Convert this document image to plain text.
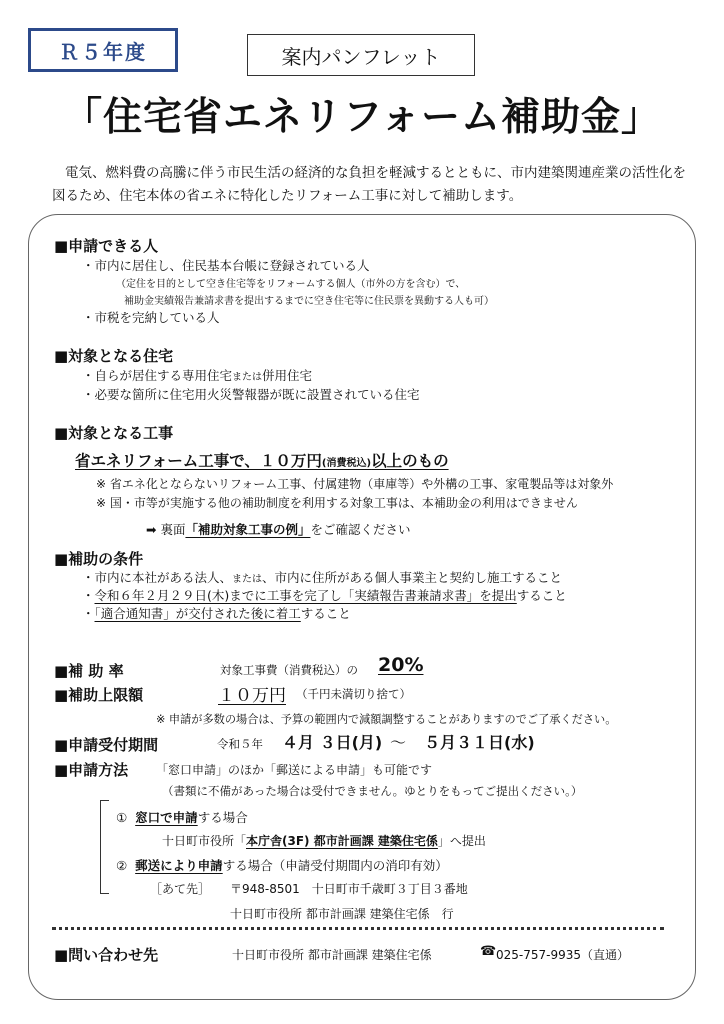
Ｒ５年度	案内パンフレット
「住宅省エネリフォーム補助金」
電気、燃料費の高騰に伴う市民生活の経済的な負担を軽減するとともに、市内建築関連産業の活性化を図るため、住宅本体の省エネに特化したリフォーム工事に対して補助します。
■申請できる人
・市内に居住し、住民基本台帳に登録されている人
（定住を目的として空き住宅等をリフォームする個人（市外の方を含む）で、
補助金実績報告兼請求書を提出するまでに空き住宅等に住民票を異動する人も可）
・市税を完納している人
■対象となる住宅
・自らが居住する専用住宅または併用住宅
・必要な箇所に住宅用火災警報器が既に設置されている住宅
■対象となる工事
省エネリフォーム工事で、１０万円(消費税込)以上のもの
※ 省エネ化とならないリフォーム工事、付属建物（車庫等）や外構の工事、家電製品等は対象外
※ 国・市等が実施する他の補助制度を利用する対象工事は、本補助金の利用はできません
➡ 裏面「補助対象工事の例」をご確認ください
■補助の条件
・市内に本社がある法人、または、市内に住所がある個人事業主と契約し施工すること
・令和６年２月２９日(木)までに工事を完了し「実績報告書兼請求書」を提出すること
・「適合通知書」が交付された後に着工すること
■補 助 率	対象工事費（消費税込）の 20%
■補助上限額	１０万円 （千円未満切り捨て）
※ 申請が多数の場合は、予算の範囲内で減額調整することがありますのでご了承ください。
■申請受付期間	令和５年 ４月 ３日(月) ～ ５月３１日(水)
■申請方法 「窓口申請」のほか「郵送による申請」も可能です
（書類に不備があった場合は受付できません。ゆとりをもってご提出ください。）
① 窓口で申請する場合
十日町市役所「本庁舎(3F) 都市計画課 建築住宅係」へ提出
② 郵送により申請する場合（申請受付期間内の消印有効）
［あて先］ 〒948-8501　十日町市千歳町３丁目３番地
十日町市役所 都市計画課 建築住宅係　行
■問い合わせ先	十日町市役所 都市計画課 建築住宅係	☎ 025-757-9935（直通）
